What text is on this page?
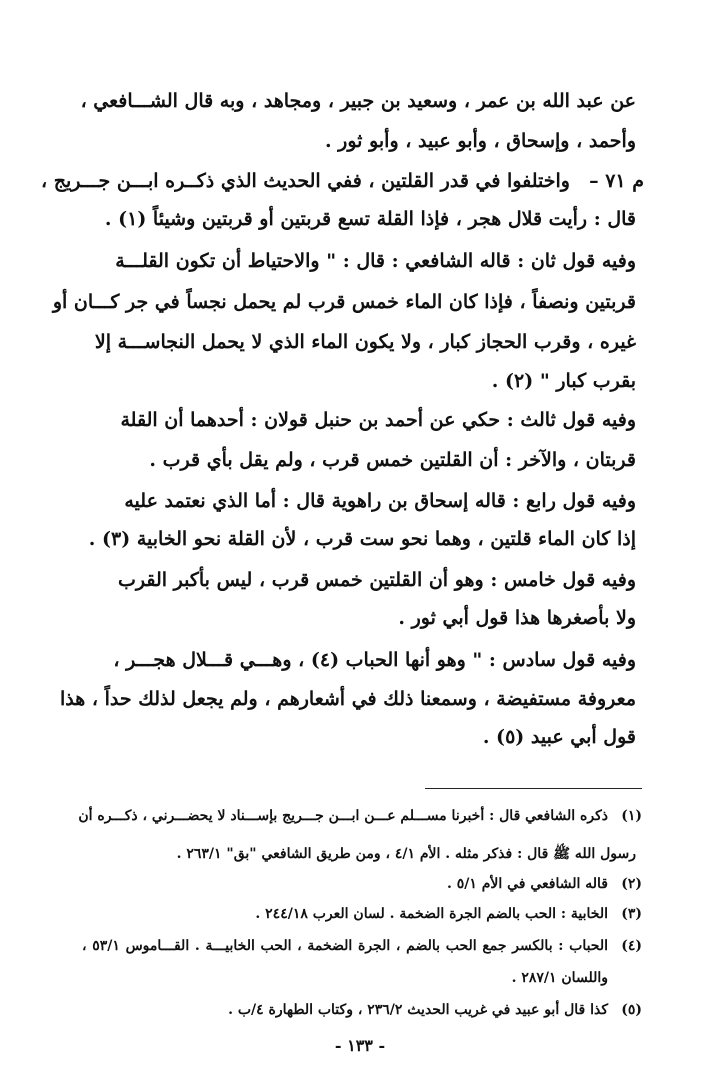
عن عبد الله بن عمر ، وسعيد بن جبير ، ومجاهد ، وبه قال الشـــافعي ،
وأحمد ، وإسحاق ، وأبو عبيد ، وأبو ثور .
م ٧١ –
واختلفوا في قدر القلتين ، ففي الحديث الذي ذكــره ابـــن جـــريج ،
قال : رأيت قلال هجر ، فإذا القلة تسع قربتين أو قربتين وشيئاً (١) .
وفيه قول ثان : قاله الشافعي : قال : " والاحتياط أن تكون القلـــة
قربتين ونصفاً ، فإذا كان الماء خمس قرب لم يحمل نجساً في جر كـــان أو
غيره ، وقرب الحجاز كبار ، ولا يكون الماء الذي لا يحمل النجاســـة إلا
بقرب كبار " (٢) .
وفيه قول ثالث : حكي عن أحمد بن حنبل قولان : أحدهما أن القلة
قربتان ، والآخر : أن القلتين خمس قرب ، ولم يقل بأي قرب .
وفيه قول رابع : قاله إسحاق بن راهوية قال : أما الذي نعتمد عليه
إذا كان الماء قلتين ، وهما نحو ست قرب ، لأن القلة نحو الخابية (٣) .
وفيه قول خامس : وهو أن القلتين خمس قرب ، ليس بأكبر القرب
ولا بأصغرها هذا قول أبي ثور .
وفيه قول سادس : " وهو أنها الحباب (٤) ، وهـــي قـــلال هجـــر ،
معروفة مستفيضة ، وسمعنا ذلك في أشعارهم ، ولم يجعل لذلك حداً ، هذا
قول أبي عبيد (٥) .
(١)
ذكره الشافعي قال : أخبرنا مســـلم عـــن ابـــن جـــريج بإســـناد لا يحضـــرني ، ذكـــره أن
رسول الله ﷺ قال : فذكر مثله . الأم ٤/١ ، ومن طريق الشافعي "بق" ٢٦٣/١ .
(٢)
قاله الشافعي في الأم ٥/١ .
(٣)
الخابية : الحب بالضم الجرة الضخمة . لسان العرب ٢٤٤/١٨ .
(٤)
الحباب : بالكسر جمع الحب بالضم ، الجرة الضخمة ، الحب الخابيـــة . القـــاموس ٥٣/١ ،
واللسان ٢٨٧/١ .
(٥)
كذا قال أبو عبيد في غريب الحديث ٢٣٦/٢ ، وكتاب الطهارة ٤/ب .
- ١٣٣ -
